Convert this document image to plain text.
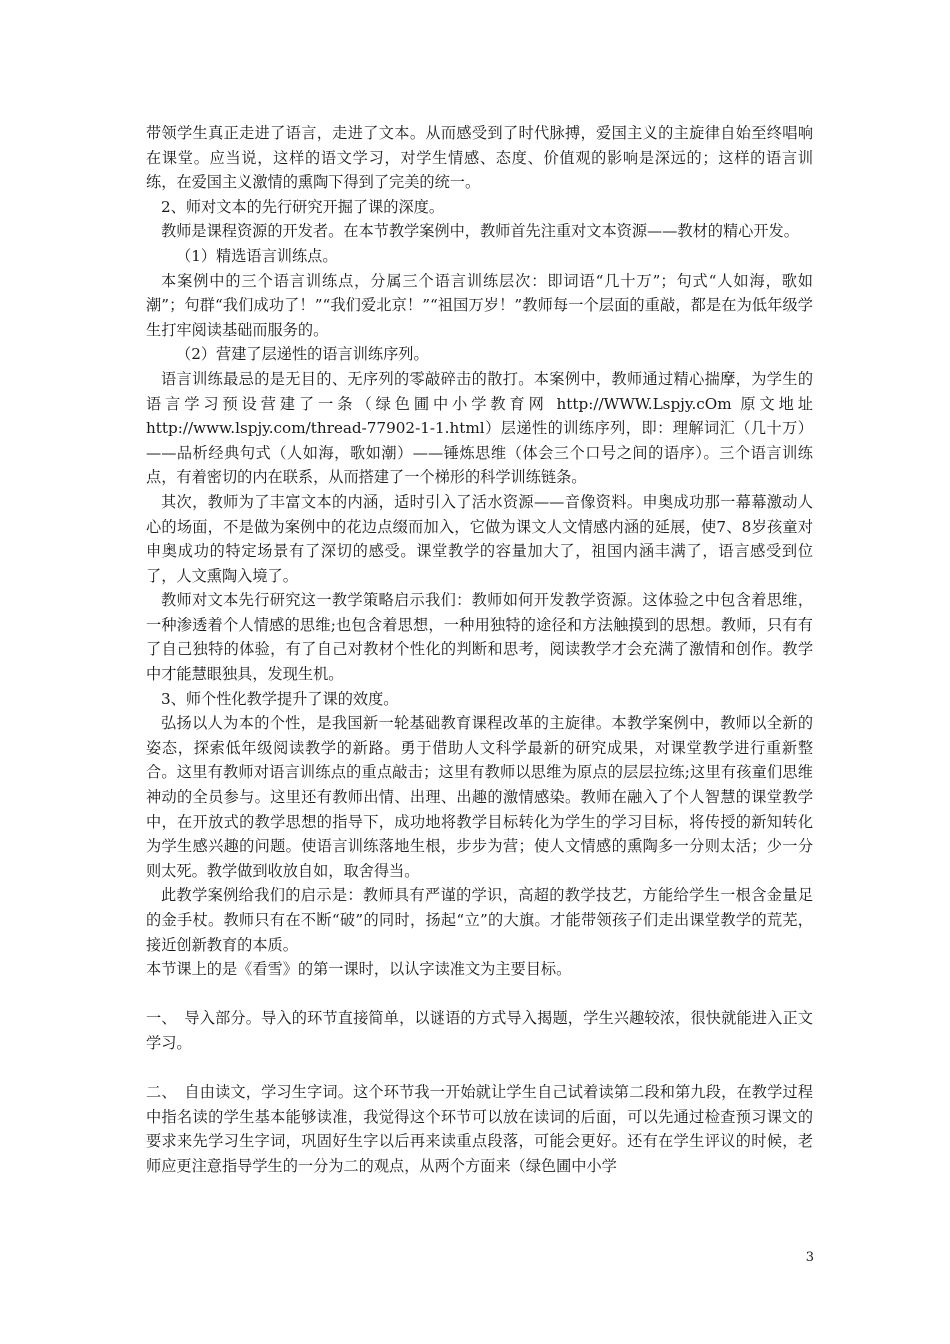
带领学生真正走进了语言，走进了文本。从而感受到了时代脉搏，爱国主义的主旋律自始至终唱响在课堂。应当说，这样的语文学习，对学生情感、态度、价值观的影响是深远的；这样的语言训练，在爱国主义激情的熏陶下得到了完美的统一。

2、师对文本的先行研究开掘了课的深度。

教师是课程资源的开发者。在本节教学案例中，教师首先注重对文本资源——教材的精心开发。

（1）精选语言训练点。

本案例中的三个语言训练点，分属三个语言训练层次：即词语“几十万”；句式“人如海，歌如潮”；句群“我们成功了！”“我们爱北京！”“祖国万岁！”教师每一个层面的重敲，都是在为低年级学生打牢阅读基础而服务的。

（2）营建了层递性的语言训练序列。

语言训练最忌的是无目的、无序列的零敲碎击的散打。本案例中，教师通过精心揣摩，为学生的语言学习预设营建了一条（绿色圃中小学教育网 http://WWW.Lspjy.cOm 原文地址 http://www.lspjy.com/thread-77902-1-1.html）层递性的训练序列，即：理解词汇（几十万）——品析经典句式（人如海，歌如潮）——锤炼思维（体会三个口号之间的语序）。三个语言训练点，有着密切的内在联系，从而搭建了一个梯形的科学训练链条。

其次，教师为了丰富文本的内涵，适时引入了活水资源——音像资料。申奥成功那一幕幕激动人心的场面，不是做为案例中的花边点缀而加入，它做为课文人文情感内涵的延展，使7、8岁孩童对申奥成功的特定场景有了深切的感受。课堂教学的容量加大了，祖国内涵丰满了，语言感受到位了，人文熏陶入境了。

教师对文本先行研究这一教学策略启示我们：教师如何开发教学资源。这体验之中包含着思维，一种渗透着个人情感的思维;也包含着思想，一种用独特的途径和方法触摸到的思想。教师，只有有了自己独特的体验，有了自己对教材个性化的判断和思考，阅读教学才会充满了激情和创作。教学中才能慧眼独具，发现生机。

3、师个性化教学提升了课的效度。

弘扬以人为本的个性，是我国新一轮基础教育课程改革的主旋律。本教学案例中，教师以全新的姿态，探索低年级阅读教学的新路。勇于借助人文科学最新的研究成果，对课堂教学进行重新整合。这里有教师对语言训练点的重点敲击；这里有教师以思维为原点的层层拉练;这里有孩童们思维神动的全员参与。这里还有教师出情、出理、出趣的激情感染。教师在融入了个人智慧的课堂教学中，在开放式的教学思想的指导下，成功地将教学目标转化为学生的学习目标，将传授的新知转化为学生感兴趣的问题。使语言训练落地生根，步步为营；使人文情感的熏陶多一分则太活；少一分则太死。教学做到收放自如，取舍得当。

此教学案例给我们的启示是：教师具有严谨的学识，高超的教学技艺，方能给学生一根含金量足的金手杖。教师只有在不断“破”的同时，扬起“立”的大旗。才能带领孩子们走出课堂教学的荒芜，接近创新教育的本质。

本节课上的是《看雪》的第一课时，以认字读准文为主要目标。

一、　导入部分。导入的环节直接简单，以谜语的方式导入揭题，学生兴趣较浓，很快就能进入正文学习。

二、　自由读文，学习生字词。这个环节我一开始就让学生自己试着读第二段和第九段，在教学过程中指名读的学生基本能够读准，我觉得这个环节可以放在读词的后面，可以先通过检查预习课文的要求来先学习生字词，巩固好生字以后再来读重点段落，可能会更好。还有在学生评议的时候，老师应更注意指导学生的一分为二的观点，从两个方面来（绿色圃中小学

3
